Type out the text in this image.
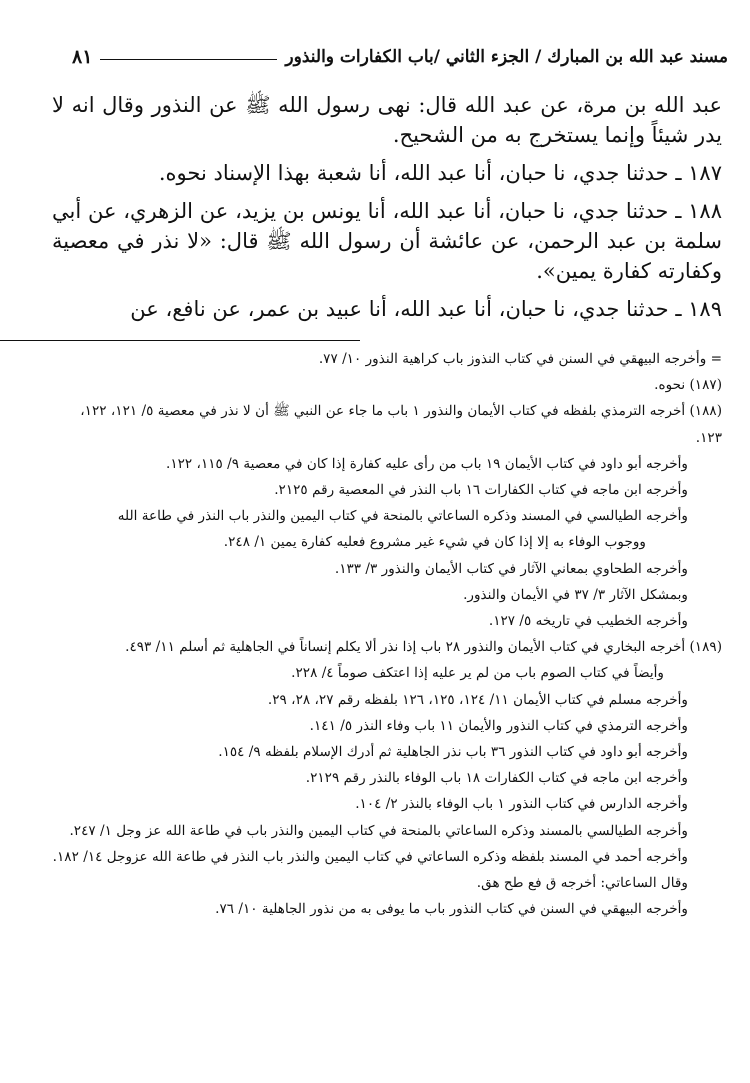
مسند عبد الله بن المبارك / الجزء الثاني /باب الكفارات والنذور
٨١

عبد الله بن مرة، عن عبد الله قال: نهى رسول الله ﷺ عن النذور وقال انه لا يدر شيئاً وإنما يستخرج به من الشحيح.

١٨٧ ـ حدثنا جدي، نا حبان، أنا عبد الله، أنا شعبة بهذا الإسناد نحوه.

١٨٨ ـ حدثنا جدي، نا حبان، أنا عبد الله، أنا يونس بن يزيد، عن الزهري، عن أبي سلمة بن عبد الرحمن، عن عائشة أن رسول الله ﷺ قال: «لا نذر في معصية وكفارته كفارة يمين».

١٨٩ ـ حدثنا جدي، نا حبان، أنا عبد الله، أنا عبيد بن عمر، عن نافع، عن

= وأخرجه البيهقي في السنن في كتاب النذوز باب كراهية النذور ١٠/ ٧٧.

(١٨٧) نحوه.

(١٨٨) أخرجه الترمذي بلفظه في كتاب الأيمان والنذور ١ باب ما جاء عن النبي ﷺ أن لا نذر في معصية ٥/ ١٢١، ١٢٢، ١٢٣.

وأخرجه أبو داود في كتاب الأيمان ١٩ باب من رأى عليه كفارة إذا كان في معصية ٩/ ١١٥، ١٢٢.

وأخرجه ابن ماجه في كتاب الكفارات ١٦ باب النذر في المعصية رقم ٢١٢٥.

وأخرجه الطيالسي في المسند وذكره الساعاتي بالمنحة في كتاب اليمين والنذر باب النذر في طاعة الله

ووجوب الوفاء به إلا إذا كان في شيء غير مشروع فعليه كفارة يمين ١/ ٢٤٨.

وأخرجه الطحاوي بمعاني الآثار في كتاب الأيمان والنذور ٣/ ١٣٣.

وبمشكل الآثار ٣/ ٣٧ في الأيمان والنذور.

وأخرجه الخطيب في تاريخه ٥/ ١٢٧.

(١٨٩) أخرجه البخاري في كتاب الأيمان والنذور ٢٨ باب إذا نذر ألا يكلم إنساناً في الجاهلية ثم أسلم ١١/ ٤٩٣.

وأيضاً في كتاب الصوم باب من لم ير عليه إذا اعتكف صوماً ٤/ ٢٢٨.

وأخرجه مسلم في كتاب الأيمان ١١/ ١٢٤، ١٢٥، ١٢٦ بلفظه رقم ٢٧، ٢٨، ٢٩.

وأخرجه الترمذي في كتاب النذور والأيمان ١١ باب وفاء النذر ٥/ ١٤١.

وأخرجه أبو داود في كتاب النذور ٣٦ باب نذر الجاهلية ثم أدرك الإسلام بلفظه ٩/ ١٥٤.

وأخرجه ابن ماجه في كتاب الكفارات ١٨ باب الوفاء بالنذر رقم ٢١٢٩.

وأخرجه الدارس في كتاب النذور ١ باب الوفاء بالنذر ٢/ ١٠٤.

وأخرجه الطيالسي بالمسند وذكره الساعاتي بالمنحة في كتاب اليمين والنذر باب في طاعة الله عز وجل ١/ ٢٤٧.

وأخرجه أحمد في المسند بلفظه وذكره الساعاتي في كتاب اليمين والنذر باب النذر في طاعة الله عزوجل ١٤/ ١٨٢.

وقال الساعاتي: أخرجه ق فع طح هق.

وأخرجه البيهقي في السنن في كتاب النذور باب ما يوفى به من نذور الجاهلية ١٠/ ٧٦.
